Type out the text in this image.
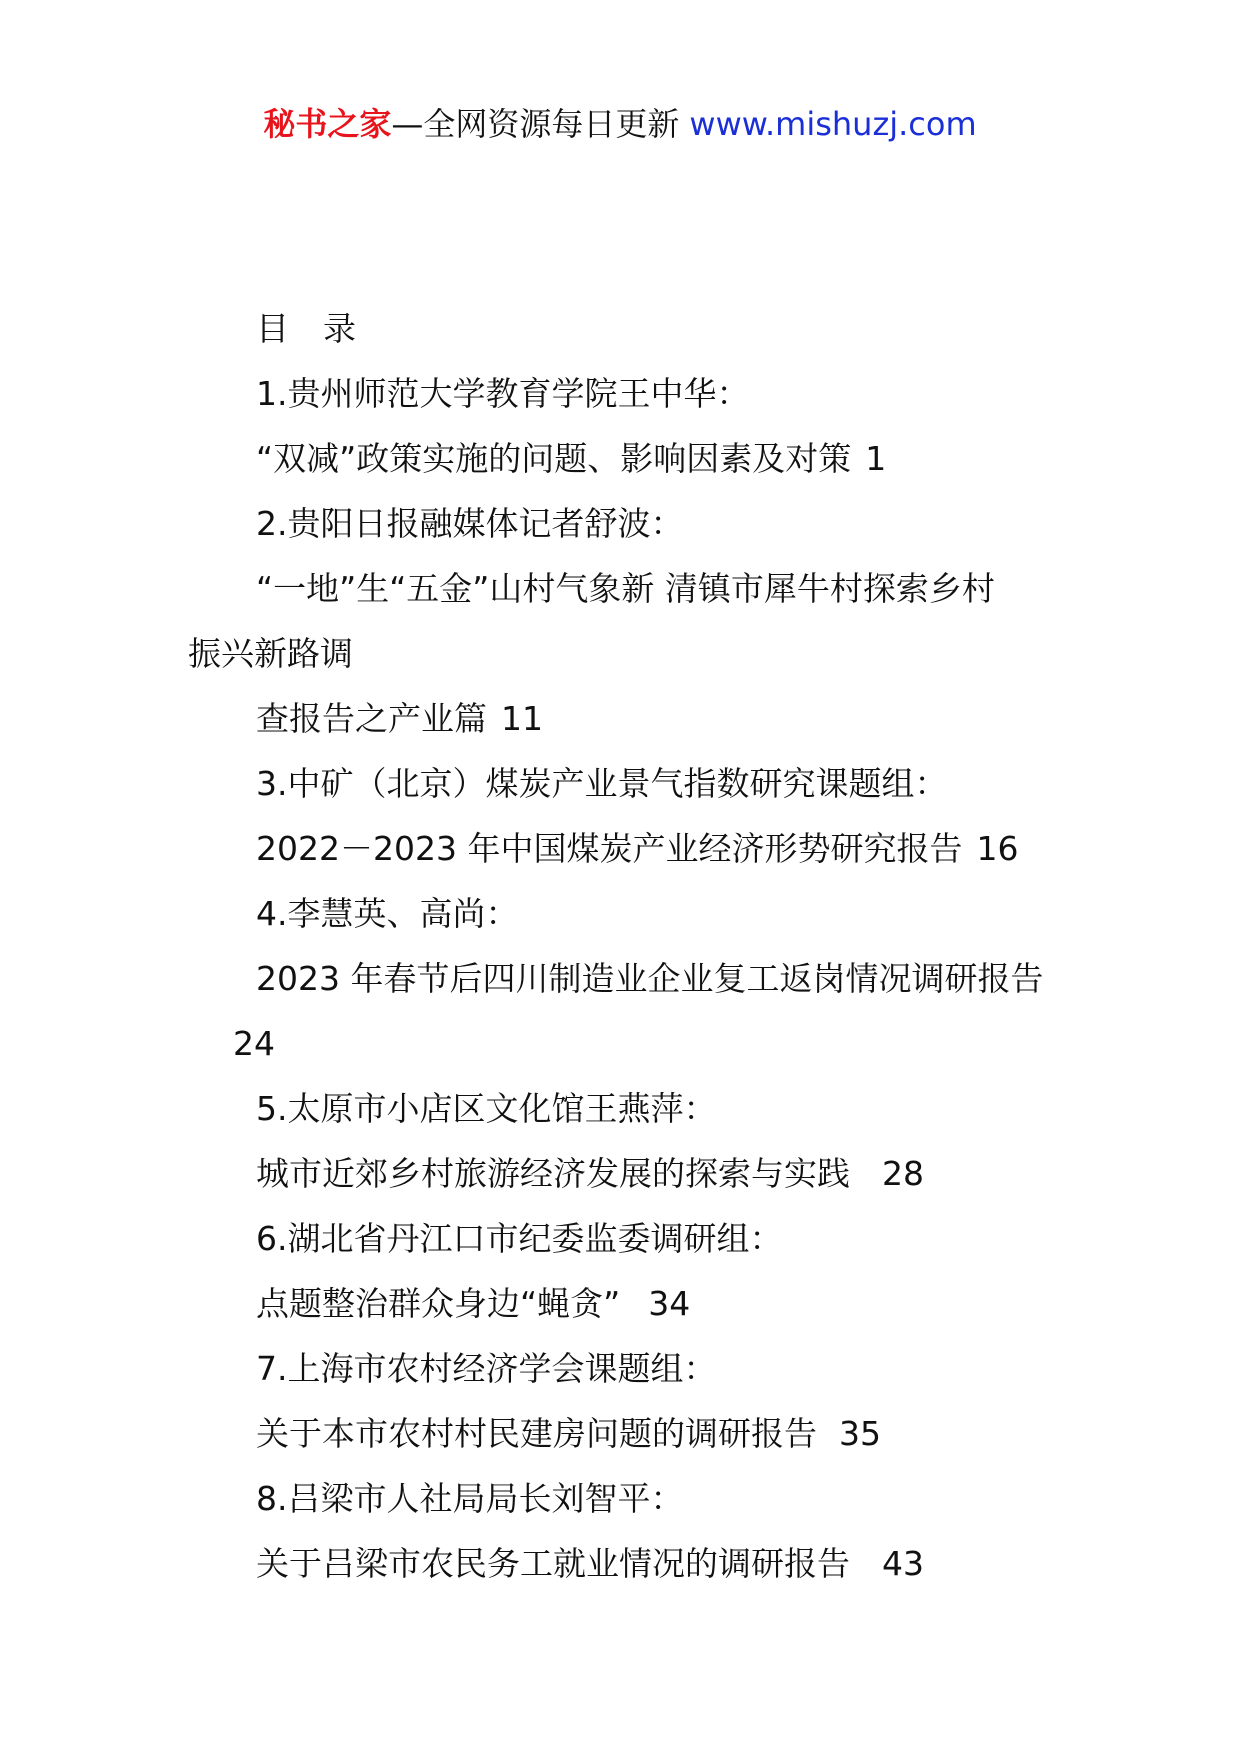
秘书之家—全网资源每日更新 www.mishuzj.com
目 录
1.贵州师范大学教育学院王中华：
“双减”政策实施的问题、影响因素及对策 1
2.贵阳日报融媒体记者舒波：
“一地”生“五金”山村气象新 清镇市犀牛村探索乡村
振兴新路调
查报告之产业篇 11
3.中矿（北京）煤炭产业景气指数研究课题组：
2022－2023 年中国煤炭产业经济形势研究报告 16
4.李慧英、高尚：
2023 年春节后四川制造业企业复工返岗情况调研报告
24
5.太原市小店区文化馆王燕萍：
城市近郊乡村旅游经济发展的探索与实践 28
6.湖北省丹江口市纪委监委调研组：
点题整治群众身边“蝇贪” 34
7.上海市农村经济学会课题组：
关于本市农村村民建房问题的调研报告 35
8.吕梁市人社局局长刘智平：
关于吕梁市农民务工就业情况的调研报告 43
